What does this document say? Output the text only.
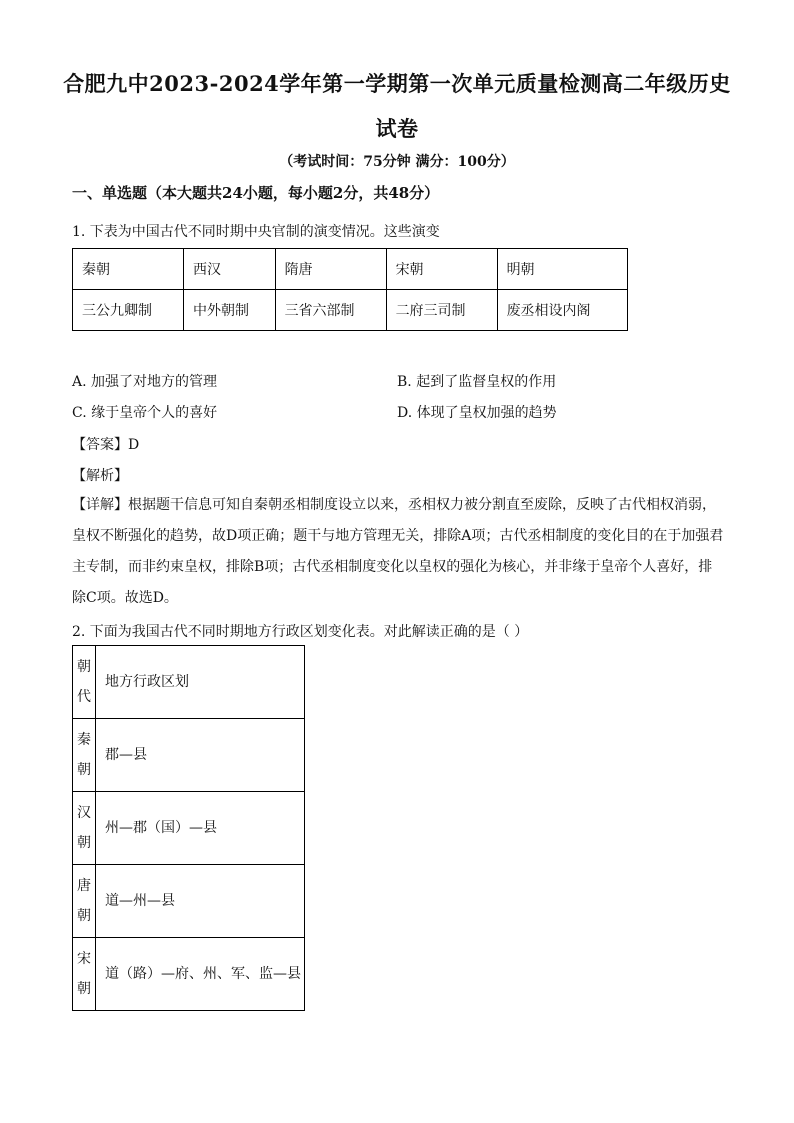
合肥九中2023-2024学年第一学期第一次单元质量检测高二年级历史
试卷
（考试时间：75分钟 满分：100分）
一、单选题（本大题共24小题，每小题2分，共48分）
1. 下表为中国古代不同时期中央官制的演变情况。这些演变
秦朝	西汉	隋唐	宋朝	明朝
三公九卿制	中外朝制	三省六部制	二府三司制	废丞相设内阁
A. 加强了对地方的管理	B. 起到了监督皇权的作用
C. 缘于皇帝个人的喜好	D. 体现了皇权加强的趋势
【答案】D
【解析】
【详解】根据题干信息可知自秦朝丞相制度设立以来，丞相权力被分割直至废除，反映了古代相权消弱，皇权不断强化的趋势，故D项正确；题干与地方管理无关，排除A项；古代丞相制度的变化目的在于加强君主专制，而非约束皇权，排除B项；古代丞相制度变化以皇权的强化为核心，并非缘于皇帝个人喜好，排除C项。故选D。
2. 下面为我国古代不同时期地方行政区划变化表。对此解读正确的是（ ）
朝代	地方行政区划
秦朝	郡—县
汉朝	州—郡（国）—县
唐朝	道—州—县
宋朝	道（路）—府、州、军、监—县
